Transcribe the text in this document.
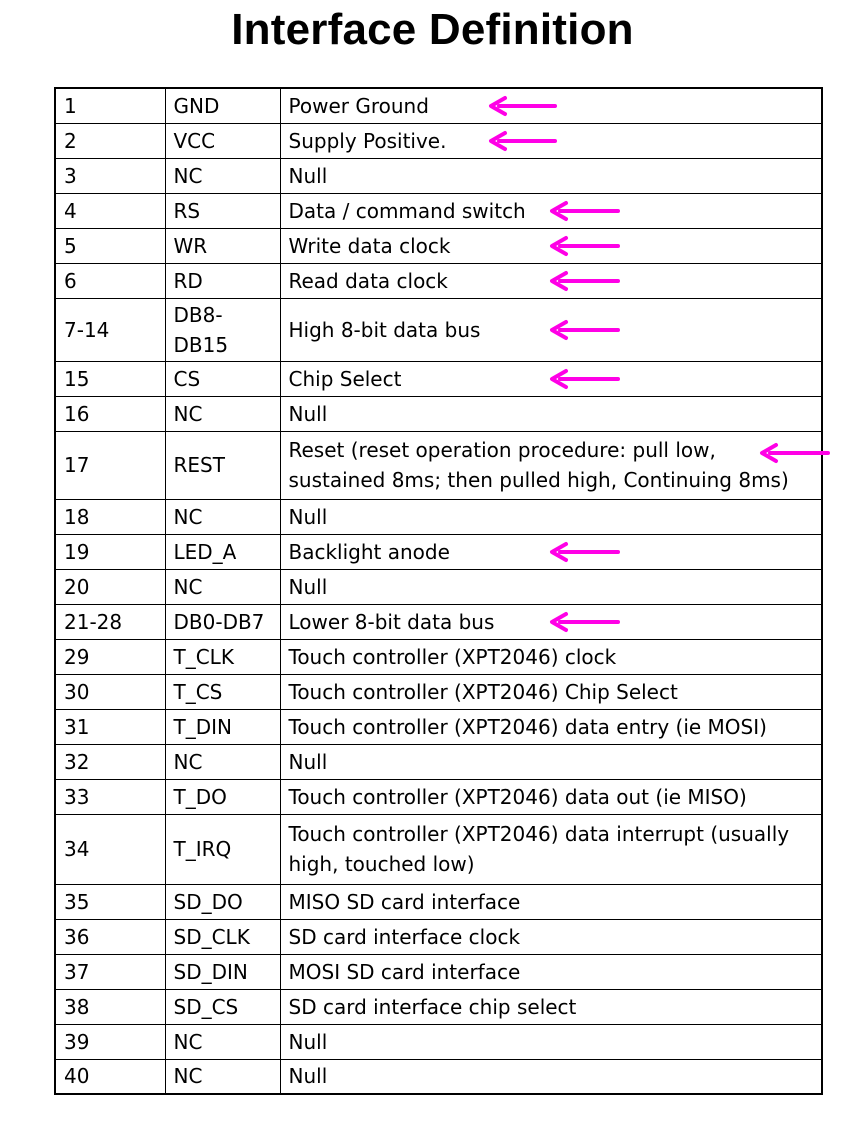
Interface Definition
1	GND	Power Ground
2	VCC	Supply Positive.
3	NC	Null
4	RS	Data / command switch
5	WR	Write data clock
6	RD	Read data clock
7-14	DB8-DB15	High 8-bit data bus
15	CS	Chip Select
16	NC	Null
17	REST	Reset (reset operation procedure: pull low, sustained 8ms; then pulled high, Continuing 8ms)
18	NC	Null
19	LED_A	Backlight anode
20	NC	Null
21-28	DB0-DB7	Lower 8-bit data bus
29	T_CLK	Touch controller (XPT2046) clock
30	T_CS	Touch controller (XPT2046) Chip Select
31	T_DIN	Touch controller (XPT2046) data entry (ie MOSI)
32	NC	Null
33	T_DO	Touch controller (XPT2046) data out (ie MISO)
34	T_IRQ	Touch controller (XPT2046) data interrupt (usually high, touched low)
35	SD_DO	MISO SD card interface
36	SD_CLK	SD card interface clock
37	SD_DIN	MOSI SD card interface
38	SD_CS	SD card interface chip select
39	NC	Null
40	NC	Null
